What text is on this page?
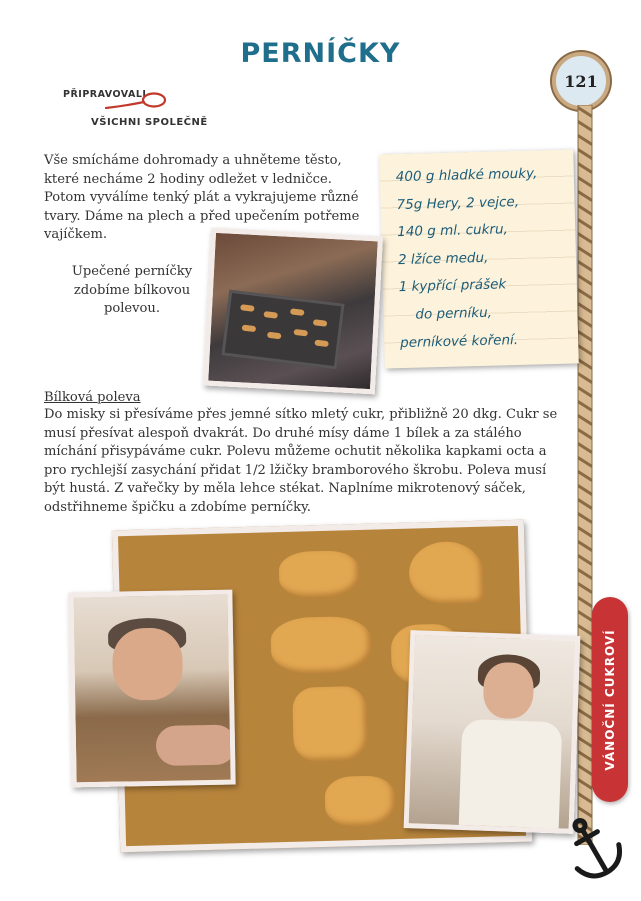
PERNÍČKY
PŘIPRAVOVALI
VŠICHNI SPOLEČNĚ
121
Vše smícháme dohromady a uhněteme těsto, které necháme 2 hodiny odležet v ledničce. Potom vyválíme tenký plát a vykrajujeme různé tvary. Dáme na plech a před upečením potřeme vajíčkem.
Upečené perníčky zdobíme bílkovou polevou.
400 g hladké mouky,
75g Hery, 2 vejce,
140 g ml. cukru,
2 lžíce medu,
1 kypřící prášek
do perníku,
perníkové koření.
Bílková poleva
Do misky si přesíváme přes jemné sítko mletý cukr, přibližně 20 dkg. Cukr se musí přesívat alespoň dvakrát. Do druhé mísy dáme 1 bílek a za stálého míchání přisypáváme cukr. Polevu můžeme ochutit několika kapkami octa a pro rychlejší zasychání přidat 1/2 lžičky bramborového škrobu. Poleva musí být hustá. Z vařečky by měla lehce stékat. Naplníme mikrotenový sáček, odstřihneme špičku a zdobíme perníčky.
VÁNOČNÍ CUKROVÍ
